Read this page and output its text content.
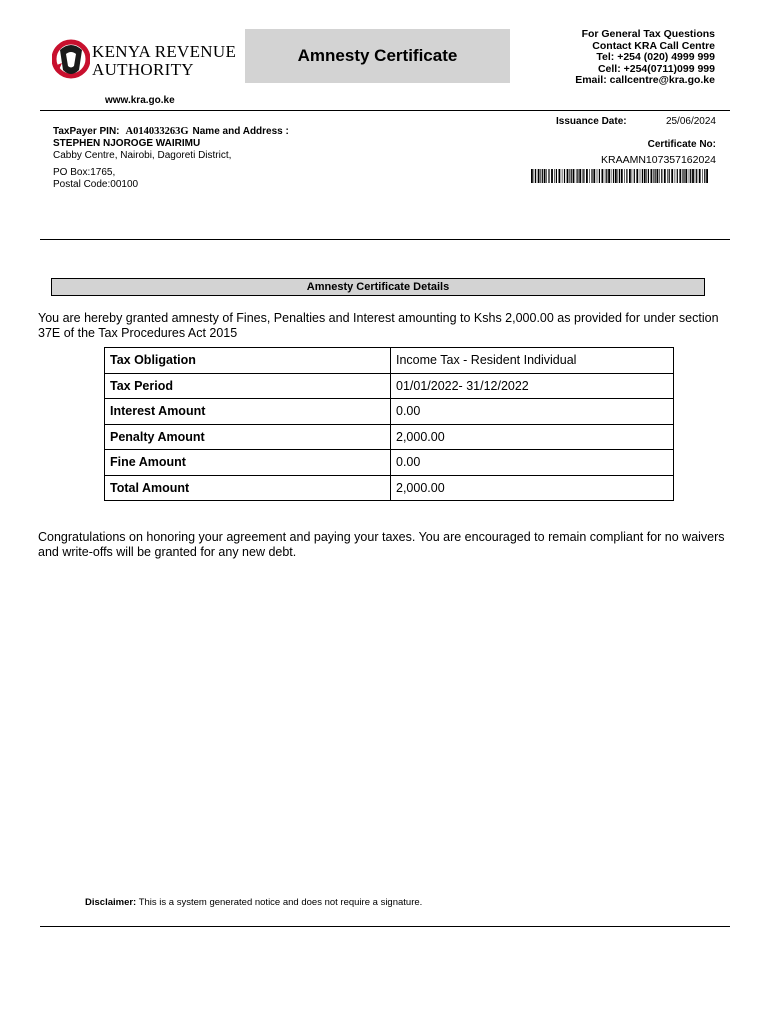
KENYA REVENUE
AUTHORITY
Amnesty Certificate
For General Tax Questions
Contact KRA Call Centre
Tel: +254 (020) 4999 999
Cell: +254(0711)099 999
Email: callcentre@kra.go.ke
www.kra.go.ke
TaxPayer PIN: A014033263G Name and Address :
STEPHEN NJOROGE WAIRIMU
Cabby Centre, Nairobi, Dagoreti District,
PO Box:1765,
Postal Code:00100
Issuance Date:	25/06/2024
Certificate No:
KRAAMN107357162024
Amnesty Certificate Details
You are hereby granted amnesty of Fines, Penalties and Interest amounting to Kshs 2,000.00 as provided for under section 37E of the Tax Procedures Act 2015
Tax Obligation	Income Tax - Resident Individual
Tax Period	01/01/2022- 31/12/2022
Interest Amount	0.00
Penalty Amount	2,000.00
Fine Amount	0.00
Total Amount	2,000.00
Congratulations on honoring your agreement and paying your taxes. You are encouraged to remain compliant for no waivers and write-offs will be granted for any new debt.
Disclaimer: This is a system generated notice and does not require a signature.
